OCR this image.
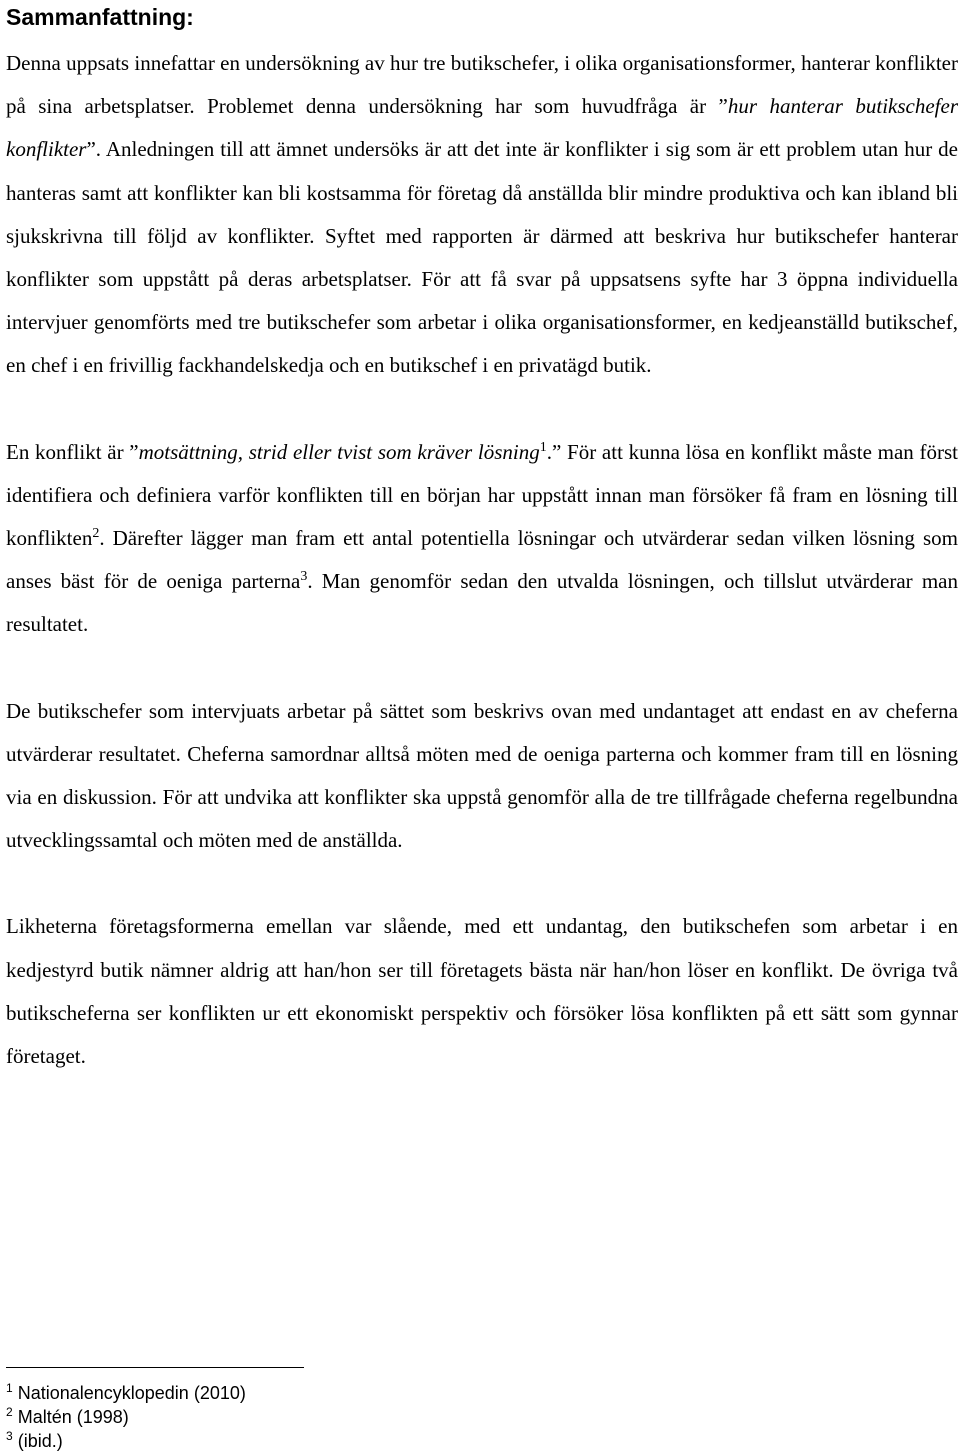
Sammanfattning:

Denna uppsats innefattar en undersökning av hur tre butikschefer, i olika organisationsformer, hanterar konflikter på sina arbetsplatser. Problemet denna undersökning har som huvudfråga är ”hur hanterar butikschefer konflikter”. Anledningen till att ämnet undersöks är att det inte är konflikter i sig som är ett problem utan hur de hanteras samt att konflikter kan bli kostsamma för företag då anställda blir mindre produktiva och kan ibland bli sjukskrivna till följd av konflikter. Syftet med rapporten är därmed att beskriva hur butikschefer hanterar konflikter som uppstått på deras arbetsplatser. För att få svar på uppsatsens syfte har 3 öppna individuella intervjuer genomförts med tre butikschefer som arbetar i olika organisationsformer, en kedjeanställd butikschef, en chef i en frivillig fackhandelskedja och en butikschef i en privatägd butik.

En konflikt är ”motsättning, strid eller tvist som kräver lösning$^1$.” För att kunna lösa en konflikt måste man först identifiera och definiera varför konflikten till en början har uppstått innan man försöker få fram en lösning till konflikten$^2$. Därefter lägger man fram ett antal potentiella lösningar och utvärderar sedan vilken lösning som anses bäst för de oeniga parterna$^3$. Man genomför sedan den utvalda lösningen, och tillslut utvärderar man resultatet.

De butikschefer som intervjuats arbetar på sättet som beskrivs ovan med undantaget att endast en av cheferna utvärderar resultatet. Cheferna samordnar alltså möten med de oeniga parterna och kommer fram till en lösning via en diskussion. För att undvika att konflikter ska uppstå genomför alla de tre tillfrågade cheferna regelbundna utvecklingssamtal och möten med de anställda.

Likheterna företagsformerna emellan var slående, med ett undantag, den butikschefen som arbetar i en kedjestyrd butik nämner aldrig att han/hon ser till företagets bästa när han/hon löser en konflikt. De övriga två butikscheferna ser konflikten ur ett ekonomiskt perspektiv och försöker lösa konflikten på ett sätt som gynnar företaget.

$^1$ Nationalencyklopedin (2010)
$^2$ Maltén (1998)
$^3$ (ibid.)
